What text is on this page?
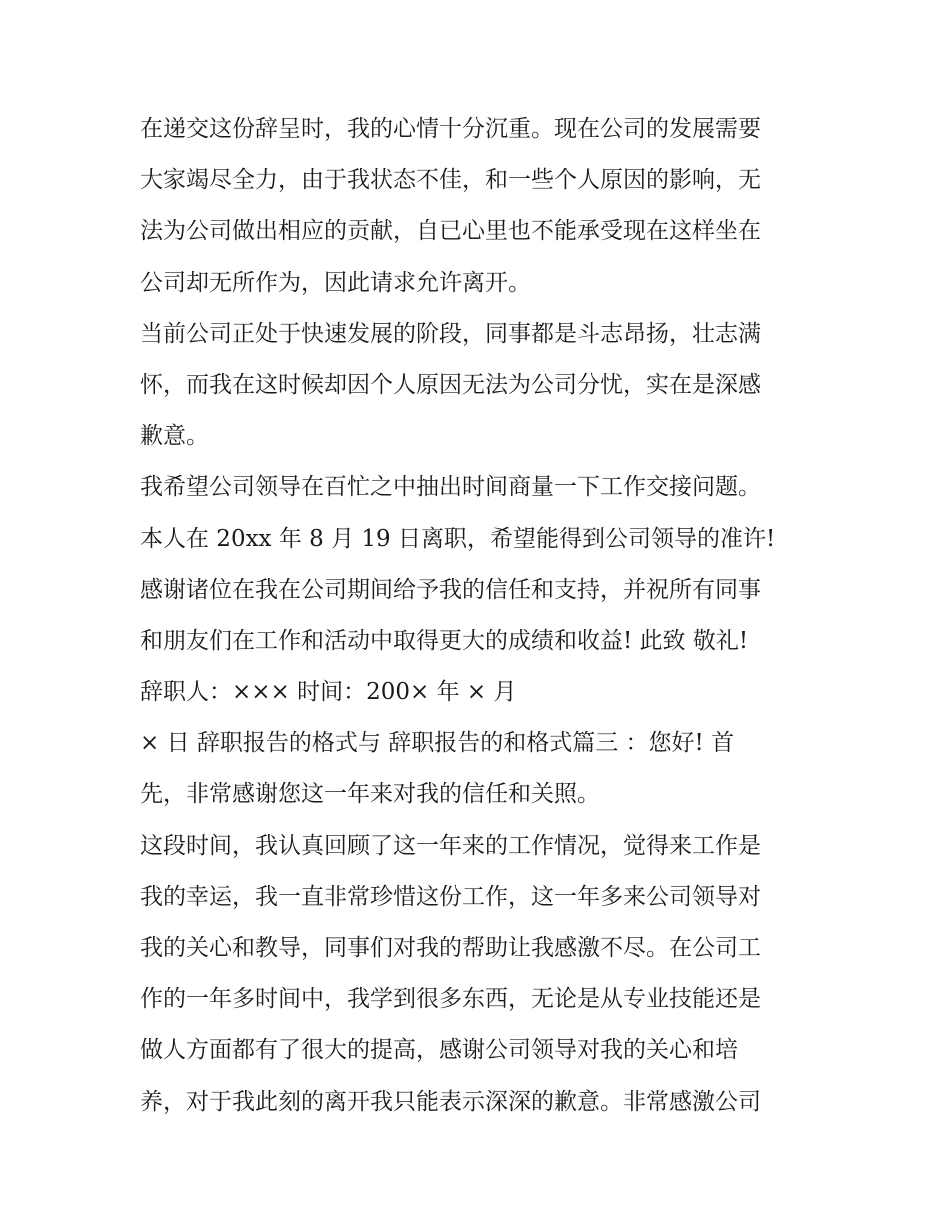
在递交这份辞呈时，我的心情十分沉重。现在公司的发展需要
大家竭尽全力，由于我状态不佳，和一些个人原因的影响，无
法为公司做出相应的贡献，自已心里也不能承受现在这样坐在
公司却无所作为，因此请求允许离开。
当前公司正处于快速发展的阶段，同事都是斗志昂扬，壮志满
怀，而我在这时候却因个人原因无法为公司分忧，实在是深感
歉意。
我希望公司领导在百忙之中抽出时间商量一下工作交接问题。
本人在 20xx 年 8 月 19 日离职，希望能得到公司领导的准许!
感谢诸位在我在公司期间给予我的信任和支持，并祝所有同事
和朋友们在工作和活动中取得更大的成绩和收益! 此致 敬礼!
辞职人：××× 时间：200× 年 × 月
× 日 辞职报告的格式与 辞职报告的和格式篇三 ：您好! 首
先，非常感谢您这一年来对我的信任和关照。
这段时间，我认真回顾了这一年来的工作情况，觉得来工作是
我的幸运，我一直非常珍惜这份工作，这一年多来公司领导对
我的关心和教导，同事们对我的帮助让我感激不尽。在公司工
作的一年多时间中，我学到很多东西，无论是从专业技能还是
做人方面都有了很大的提高，感谢公司领导对我的关心和培
养，对于我此刻的离开我只能表示深深的歉意。非常感激公司
